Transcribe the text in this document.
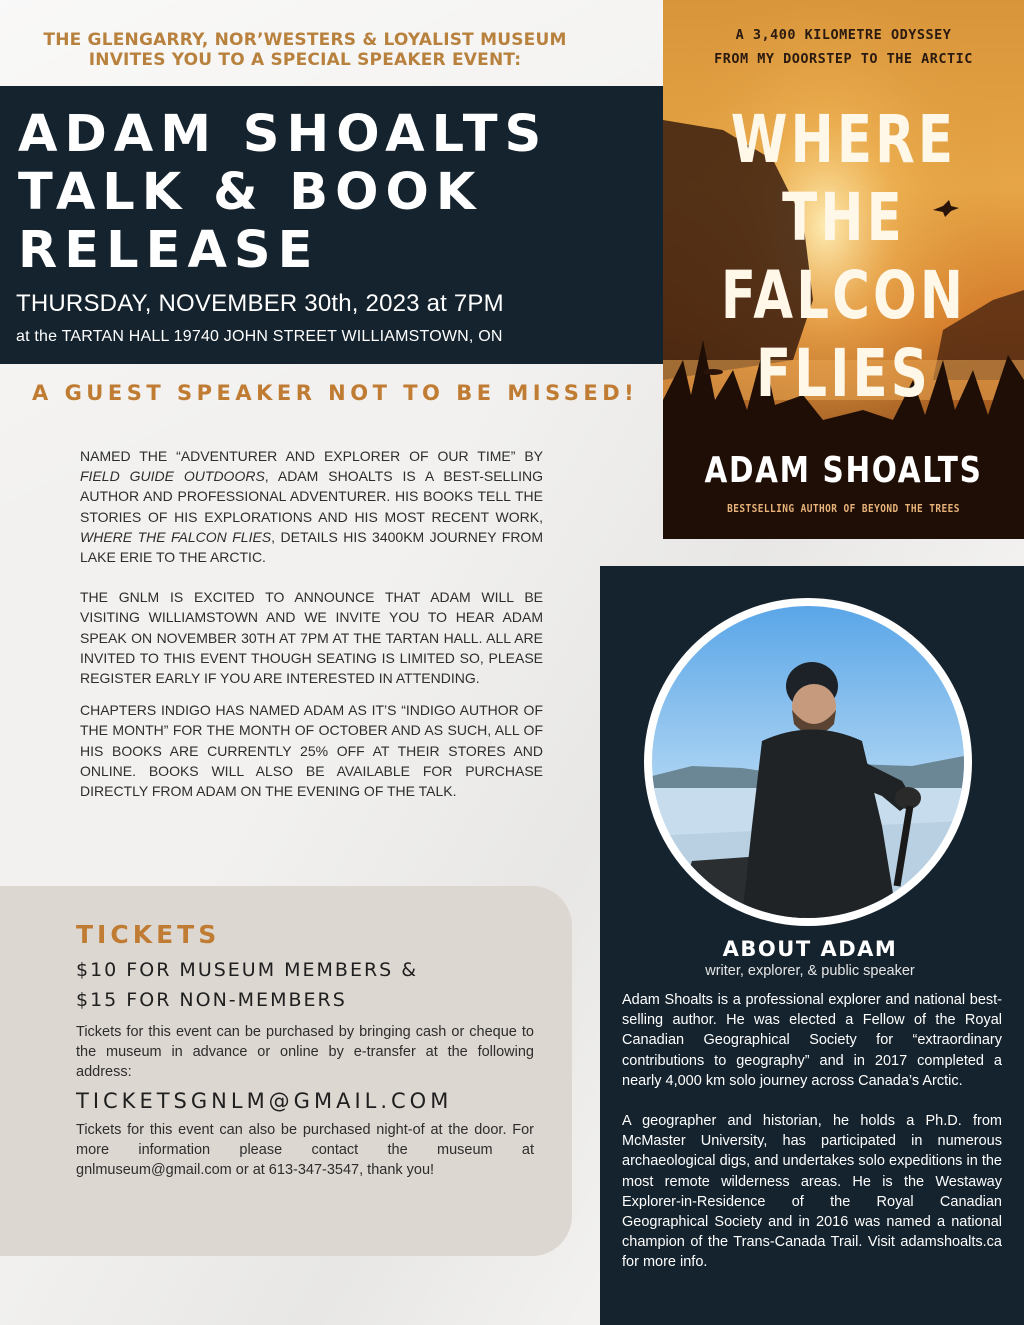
THE GLENGARRY, NOR’WESTERS & LOYALIST MUSEUM
INVITES YOU TO A SPECIAL SPEAKER EVENT:
ADAM SHOALTS
TALK & BOOK
RELEASE
THURSDAY, NOVEMBER 30th, 2023 at 7PM
at the TARTAN HALL 19740 JOHN STREET WILLIAMSTOWN, ON
A GUEST SPEAKER NOT TO BE MISSED!

NAMED THE “ADVENTURER AND EXPLORER OF OUR TIME” BY FIELD GUIDE OUTDOORS, ADAM SHOALTS IS A BEST-SELLING AUTHOR AND PROFESSIONAL ADVENTURER. HIS BOOKS TELL THE STORIES OF HIS EXPLORATIONS AND HIS MOST RECENT WORK, WHERE THE FALCON FLIES, DETAILS HIS 3400KM JOURNEY FROM LAKE ERIE TO THE ARCTIC.

THE GNLM IS EXCITED TO ANNOUNCE THAT ADAM WILL BE VISITING WILLIAMSTOWN AND WE INVITE YOU TO HEAR ADAM SPEAK ON NOVEMBER 30TH AT 7PM AT THE TARTAN HALL. ALL ARE INVITED TO THIS EVENT THOUGH SEATING IS LIMITED SO, PLEASE REGISTER EARLY IF YOU ARE INTERESTED IN ATTENDING.

CHAPTERS INDIGO HAS NAMED ADAM AS IT’S “INDIGO AUTHOR OF THE MONTH” FOR THE MONTH OF OCTOBER AND AS SUCH, ALL OF HIS BOOKS ARE CURRENTLY 25% OFF AT THEIR STORES AND ONLINE. BOOKS WILL ALSO BE AVAILABLE FOR PURCHASE DIRECTLY FROM ADAM ON THE EVENING OF THE TALK.

A 3,400 KILOMETRE ODYSSEY
FROM MY DOORSTEP TO THE ARCTIC
WHERE
THE
FALCON
FLIES
ADAM SHOALTS
BESTSELLING AUTHOR OF BEYOND THE TREES
ABOUT ADAM
writer, explorer, & public speaker

Adam Shoalts is a professional explorer and national best-selling author. He was elected a Fellow of the Royal Canadian Geographical Society for “extraordinary contributions to geography” and in 2017 completed a nearly 4,000 km solo journey across Canada’s Arctic.

A geographer and historian, he holds a Ph.D. from McMaster University, has participated in numerous archaeological digs, and undertakes solo expeditions in the most remote wilderness areas. He is the Westaway Explorer-in-Residence of the Royal Canadian Geographical Society and in 2016 was named a national champion of the Trans-Canada Trail. Visit adamshoalts.ca for more info.

TICKETS
$10 FOR MUSEUM MEMBERS &
$15 FOR NON-MEMBERS
Tickets for this event can be purchased by bringing cash or cheque to the museum in advance or online by e-transfer at the following address:
TICKETSGNLM@GMAIL.COM
Tickets for this event can also be purchased night-of at the door. For more information please contact the museum at gnlmuseum@gmail.com or at 613-347-3547, thank you!
